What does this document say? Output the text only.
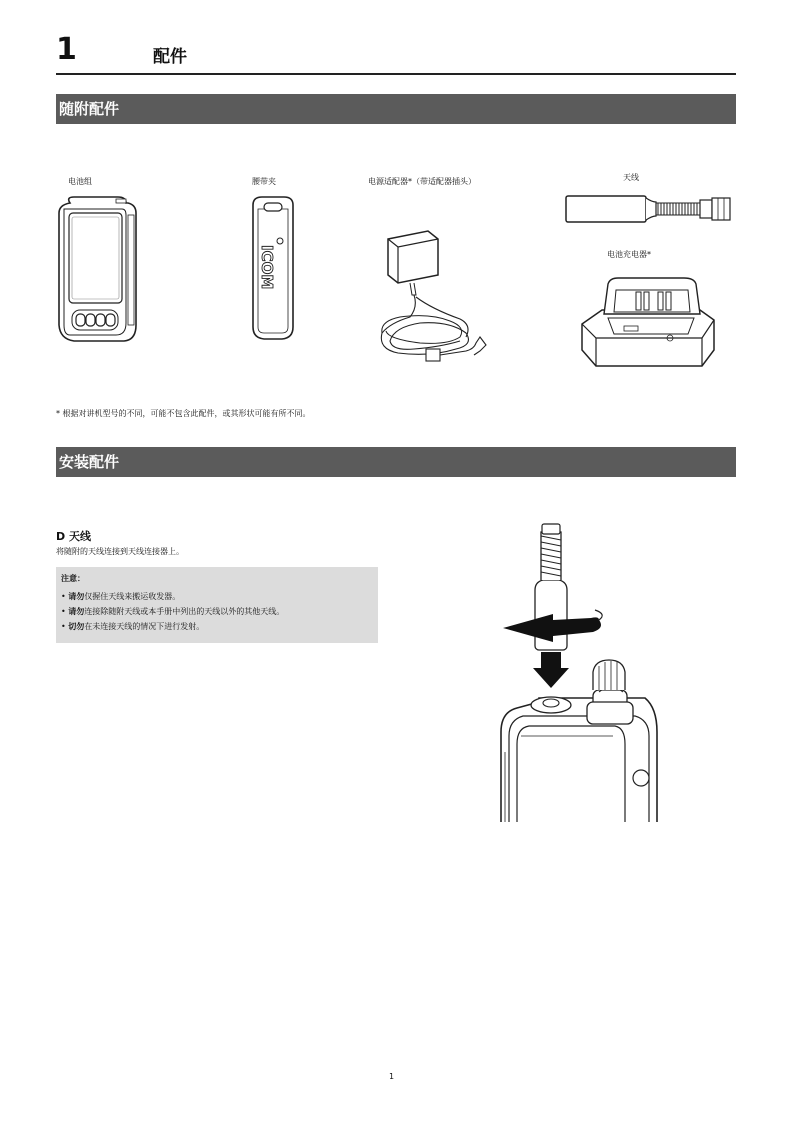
1	配件
随附配件
电池组	腰带夹	电源适配器*（带适配器插头）	天线
电池充电器*
ICOM
* 根据对讲机型号的不同，可能不包含此配件，或其形状可能有所不同。
安装配件
D 天线
将随附的天线连接到天线连接器上。
注意：
• 请勿仅握住天线来搬运收发器。
• 请勿连接除随附天线或本手册中列出的天线以外的其他天线。
• 切勿在未连接天线的情况下进行发射。
1
